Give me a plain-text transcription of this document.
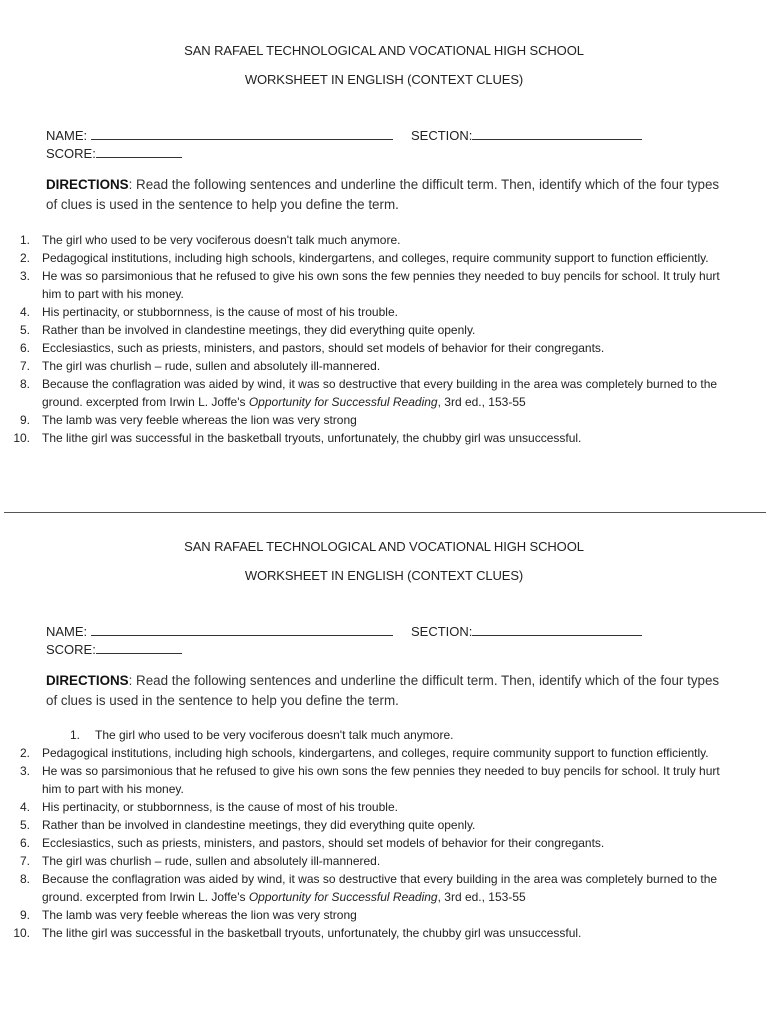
SAN RAFAEL TECHNOLOGICAL AND VOCATIONAL HIGH SCHOOL
WORKSHEET IN ENGLISH (CONTEXT CLUES)
NAME:	SECTION:
SCORE:
DIRECTIONS: Read the following sentences and underline the difficult term. Then, identify which of the four types of clues is used in the sentence to help you define the term.
1. The girl who used to be very vociferous doesn't talk much anymore.
2. Pedagogical institutions, including high schools, kindergartens, and colleges, require community support to function efficiently.
3. He was so parsimonious that he refused to give his own sons the few pennies they needed to buy pencils for school. It truly hurt him to part with his money.
4. His pertinacity, or stubbornness, is the cause of most of his trouble.
5. Rather than be involved in clandestine meetings, they did everything quite openly.
6. Ecclesiastics, such as priests, ministers, and pastors, should set models of behavior for their congregants.
7. The girl was churlish – rude, sullen and absolutely ill-mannered.
8. Because the conflagration was aided by wind, it was so destructive that every building in the area was completely burned to the ground. excerpted from Irwin L. Joffe's Opportunity for Successful Reading, 3rd ed., 153-55
9. The lamb was very feeble whereas the lion was very strong
10. The lithe girl was successful in the basketball tryouts, unfortunately, the chubby girl was unsuccessful.
SAN RAFAEL TECHNOLOGICAL AND VOCATIONAL HIGH SCHOOL
WORKSHEET IN ENGLISH (CONTEXT CLUES)
NAME:	SECTION:
SCORE:
DIRECTIONS: Read the following sentences and underline the difficult term. Then, identify which of the four types of clues is used in the sentence to help you define the term.
1. The girl who used to be very vociferous doesn't talk much anymore.
2. Pedagogical institutions, including high schools, kindergartens, and colleges, require community support to function efficiently.
3. He was so parsimonious that he refused to give his own sons the few pennies they needed to buy pencils for school. It truly hurt him to part with his money.
4. His pertinacity, or stubbornness, is the cause of most of his trouble.
5. Rather than be involved in clandestine meetings, they did everything quite openly.
6. Ecclesiastics, such as priests, ministers, and pastors, should set models of behavior for their congregants.
7. The girl was churlish – rude, sullen and absolutely ill-mannered.
8. Because the conflagration was aided by wind, it was so destructive that every building in the area was completely burned to the ground. excerpted from Irwin L. Joffe's Opportunity for Successful Reading, 3rd ed., 153-55
9. The lamb was very feeble whereas the lion was very strong
10. The lithe girl was successful in the basketball tryouts, unfortunately, the chubby girl was unsuccessful.
